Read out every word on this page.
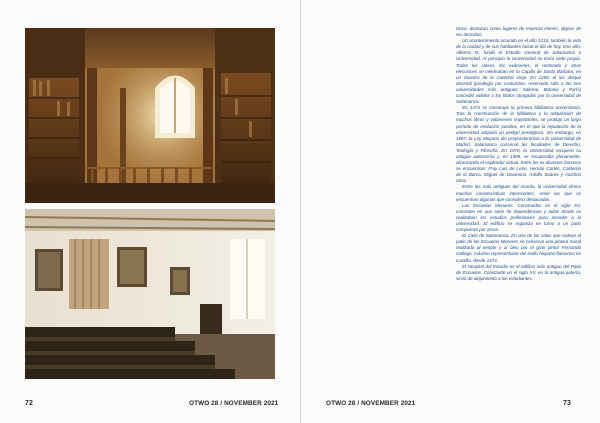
72	OTWO 28 / NOVEMBER 2021

Deco, destacan como lugares de especial interés, dignos de ser descritos.

Un acontecimiento ocurrido en el año 1218, también la vida de la ciudad y de sus habitantes hasta el día de hoy. Ese año, Alfonso IX, fundó el Estudio General de Salamanca o Universidad. Al principio la Universidad no tenía sede propia. Todas las clases, los exámenes, el rectorado y otras elecciones se celebraban en la Capilla de Santa Bárbara, en un claustro de la Catedral Vieja. En 1255, el ius ubique docendi (privilegio por costumbre, reservado sólo a las tres universidades más antiguas: Salerno, Bolonia y París) concedió validez a los títulos otorgados por la universidad de Salamanca.

En 1474 se construyó la primera biblioteca universitaria. Tras la construcción de la biblioteca y la adquisición de muchos libros y volúmenes importantes, se produjo un largo período de evolución positiva, en el que la reputación de la universidad adquirió un pedigrí prestigioso. Sin embargo, en 1857, la Ley Moyano dio preponderancia a la Universidad de Madrid. Salamanca conservó las facultades de Derecho, Teología y Filosofía. En 1970, la Universidad recuperó su antigua autonomía y, en 1985, se recuperaba plenamente, alcanzando el esplendor actual. Entre los ex alumnos famosos se encuentran: Fray Luis de León, Hernán Cortés, Calderón de la Barca, Miguel de Unamuno, Adolfo Suárez y muchos otros.

Entre las más antiguas del mundo, la universidad ofrece muchas características interesantes, entre las que se encuentran algunas que considero destacadas.

Las Escuelas Menores. Construidas en el siglo XV, consisten en una serie de dependencias y aulas donde se realizaban los estudios preliminares para acceder a la universidad. El edificio se organiza en torno a un patio compuesto por arcos.

El Cielo de Salamanca. En una de las salas que rodean el patio de las Escuelas Menores se conserva una pintura mural realizada al temple y al óleo por el gran pintor Fernando Gallego, máximo representante del estilo hispano-flamenco en Castilla, desde 1473.

El Hospital del Estudio es el edificio más antiguo del Patio de Escuelas. Construido en el siglo XV, en la antigua judería, sirvió de alojamiento a los estudiantes.

OTWO 28 / NOVEMBER 2021	73
